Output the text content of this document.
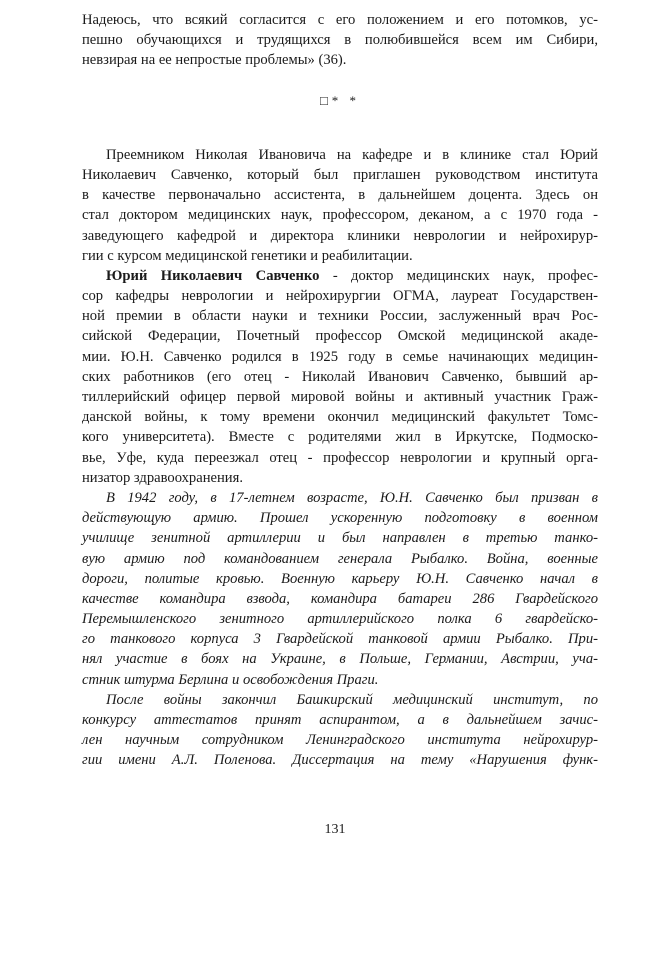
Надеюсь, что всякий согласится с его положением и его потомков, ус-
пешно обучающихся и трудящихся в полюбившейся всем им Сибири,
невзирая на ее непростые проблемы» (36).
□* *
Преемником Николая Ивановича на кафедре и в клинике стал Юрий
Николаевич Савченко, который был приглашен руководством института
в качестве первоначально ассистента, в дальнейшем доцента. Здесь он
стал доктором медицинских наук, профессором, деканом, а с 1970 года -
заведующего кафедрой и директора клиники неврологии и нейрохирур-
гии с курсом медицинской генетики и реабилитации.
Юрий Николаевич Савченко - доктор медицинских наук, профес-
сор кафедры неврологии и нейрохирургии ОГМА, лауреат Государствен-
ной премии в области науки и техники России, заслуженный врач Рос-
сийской Федерации, Почетный профессор Омской медицинской акаде-
мии. Ю.Н. Савченко родился в 1925 году в семье начинающих медицин-
ских работников (его отец - Николай Иванович Савченко, бывший ар-
тиллерийский офицер первой мировой войны и активный участник Граж-
данской войны, к тому времени окончил медицинский факультет Томс-
кого университета). Вместе с родителями жил в Иркутске, Подмоско-
вье, Уфе, куда переезжал отец - профессор неврологии и крупный орга-
низатор здравоохранения.
В 1942 году, в 17-летнем возрасте, Ю.Н. Савченко был призван в
действующую армию. Прошел ускоренную подготовку в военном
училище зенитной артиллерии и был направлен в третью танко-
вую армию под командованием генерала Рыбалко. Война, военные
дороги, политые кровью. Военную карьеру Ю.Н. Савченко начал в
качестве командира взвода, командира батареи 286 Гвардейского
Перемышленского зенитного артиллерийского полка 6 гвардейско-
го танкового корпуса 3 Гвардейской танковой армии Рыбалко. При-
нял участие в боях на Украине, в Польше, Германии, Австрии, уча-
стник штурма Берлина и освобождения Праги.
После войны закончил Башкирский медицинский институт, по
конкурсу аттестатов принят аспирантом, а в дальнейшем зачис-
лен научным сотрудником Ленинградского института нейрохирур-
гии имени А.Л. Поленова. Диссертация на тему «Нарушения функ-
131
